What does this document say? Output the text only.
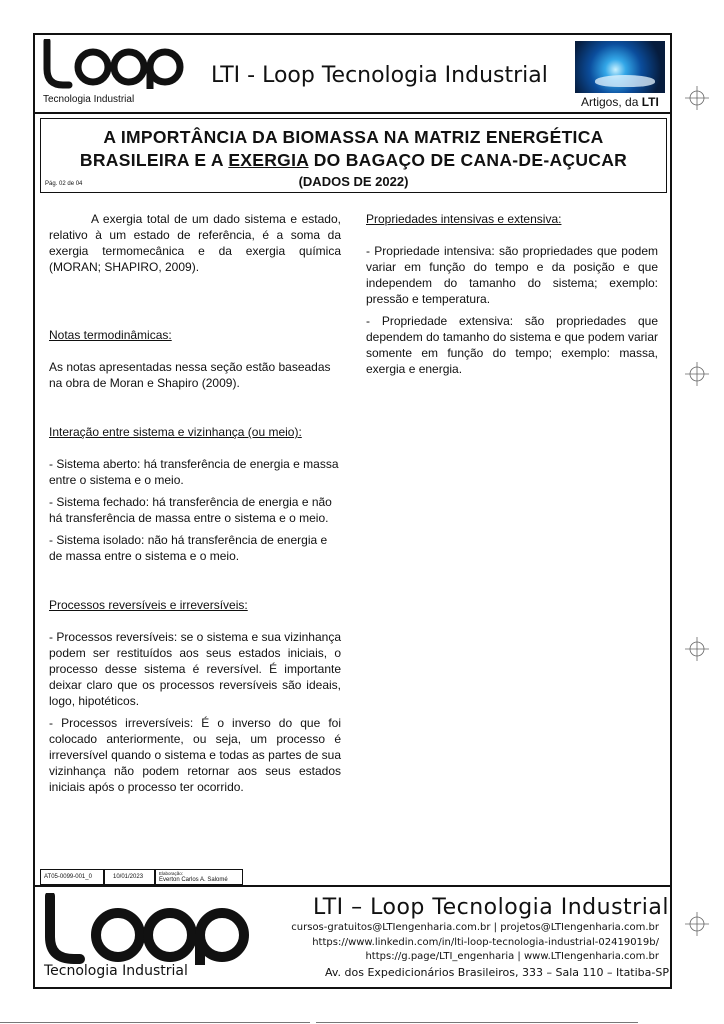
Tecnologia Industrial
LTI - Loop Tecnologia Industrial
Artigos, da LTI
A IMPORTÂNCIA DA BIOMASSA NA MATRIZ ENERGÉTICA
BRASILEIRA E A EXERGIA DO BAGAÇO DE CANA-DE-AÇUCAR
(DADOS DE 2022)
Pág. 02 de 04

A exergia total de um dado sistema e estado, relativo à um estado de referência, é a soma da exergia termomecânica e da exergia química (MORAN; SHAPIRO, 2009).

Notas termodinâmicas:

As notas apresentadas nessa seção estão baseadas na obra de Moran e Shapiro (2009).

Interação entre sistema e vizinhança (ou meio):

- Sistema aberto: há transferência de energia e massa entre o sistema e o meio.

- Sistema fechado: há transferência de energia e não há transferência de massa entre o sistema e o meio.

- Sistema isolado: não há transferência de energia e de massa entre o sistema e o meio.

Processos reversíveis e irreversíveis:

- Processos reversíveis: se o sistema e sua vizinhança podem ser restituídos aos seus estados iniciais, o processo desse sistema é reversível. É importante deixar claro que os processos reversíveis são ideais, logo, hipotéticos.

- Processos irreversíveis: É o inverso do que foi colocado anteriormente, ou seja, um processo é irreversível quando o sistema e todas as partes de sua vizinhança não podem retornar aos seus estados iniciais após o processo ter ocorrido.

Propriedades intensivas e extensiva:

- Propriedade intensiva: são propriedades que podem variar em função do tempo e da posição e que independem do tamanho do sistema; exemplo: pressão e temperatura.

- Propriedade extensiva: são propriedades que dependem do tamanho do sistema e que podem variar somente em função do tempo; exemplo: massa, exergia e energia.

AT05-0099-001_0	10/01/2023
Elaboração:
Everton Carlos A. Salomé
Tecnologia Industrial
LTI – Loop Tecnologia Industrial
cursos-gratuitos@LTIengenharia.com.br | projetos@LTIengenharia.com.br
https://www.linkedin.com/in/lti-loop-tecnologia-industrial-02419019b/
https://g.page/LTI_engenharia | www.LTIengenharia.com.br
Av. dos Expedicionários Brasileiros, 333 – Sala 110 – Itatiba-SP
